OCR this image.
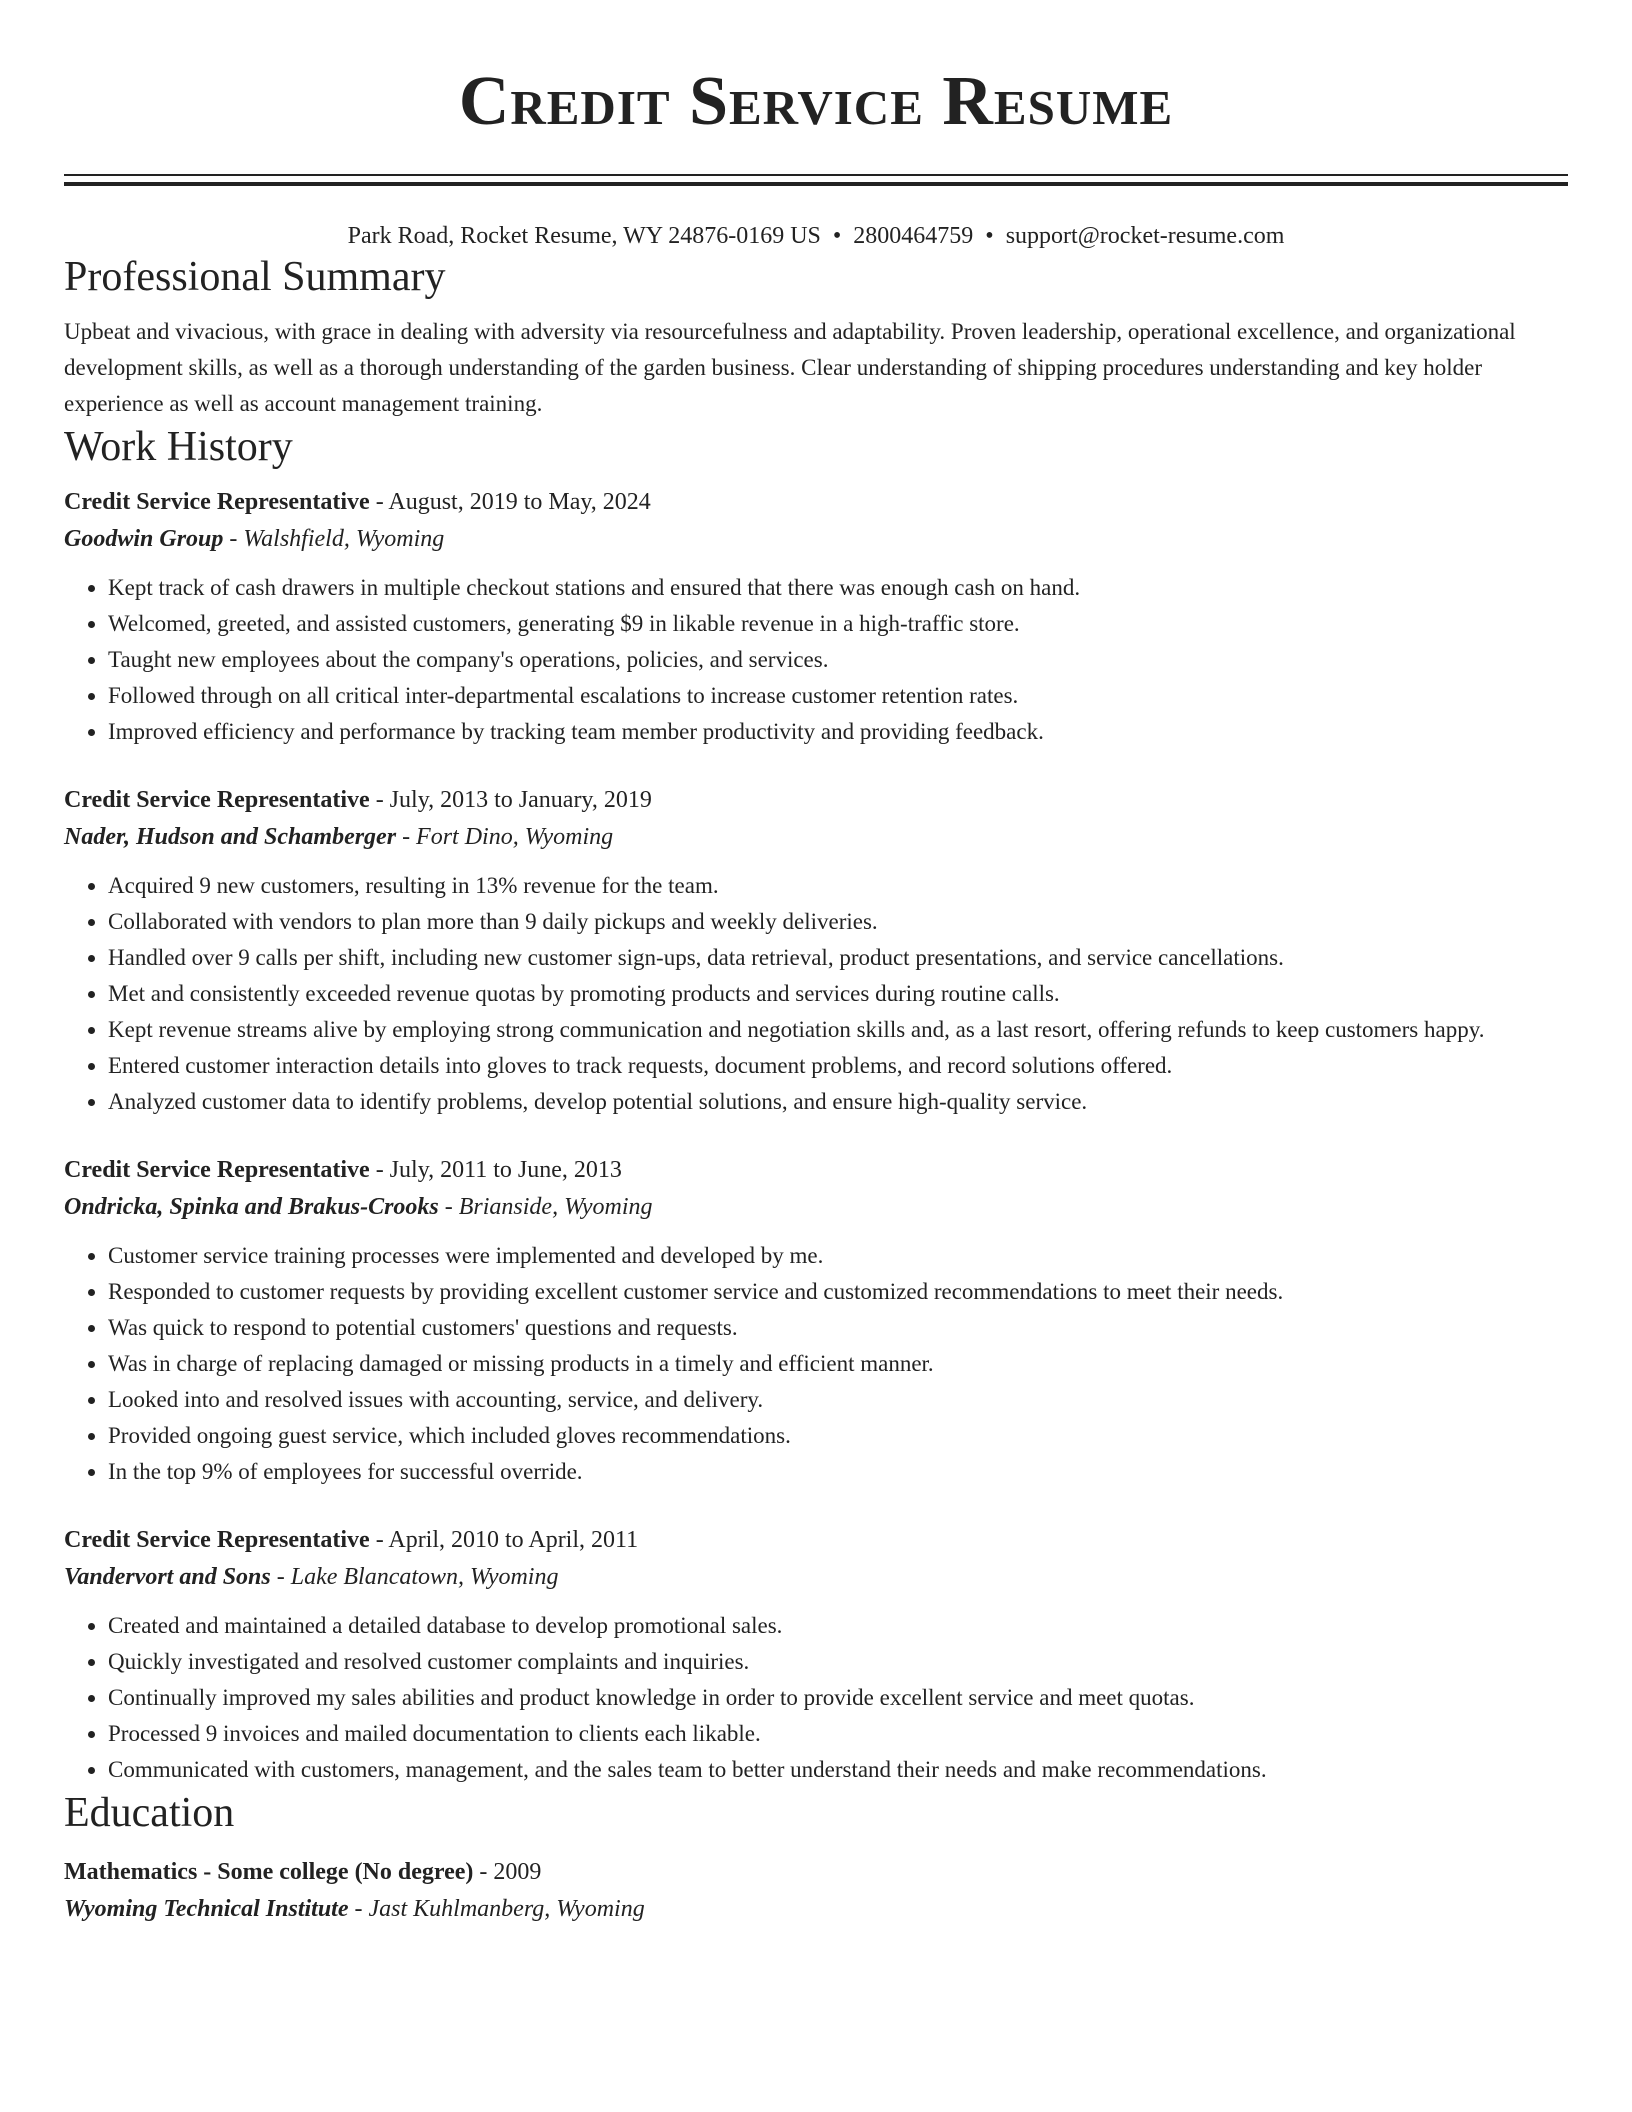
Credit Service Resume
Park Road, Rocket Resume, WY 24876-0169 US • 2800464759 • support@rocket-resume.com
Professional Summary
Upbeat and vivacious, with grace in dealing with adversity via resourcefulness and adaptability. Proven leadership, operational excellence, and organizational development skills, as well as a thorough understanding of the garden business. Clear understanding of shipping procedures understanding and key holder experience as well as account management training.
Work History
Credit Service Representative - August, 2019 to May, 2024
Goodwin Group - Walshfield, Wyoming
• Kept track of cash drawers in multiple checkout stations and ensured that there was enough cash on hand.
• Welcomed, greeted, and assisted customers, generating $9 in likable revenue in a high-traffic store.
• Taught new employees about the company's operations, policies, and services.
• Followed through on all critical inter-departmental escalations to increase customer retention rates.
• Improved efficiency and performance by tracking team member productivity and providing feedback.
Credit Service Representative - July, 2013 to January, 2019
Nader, Hudson and Schamberger - Fort Dino, Wyoming
• Acquired 9 new customers, resulting in 13% revenue for the team.
• Collaborated with vendors to plan more than 9 daily pickups and weekly deliveries.
• Handled over 9 calls per shift, including new customer sign-ups, data retrieval, product presentations, and service cancellations.
• Met and consistently exceeded revenue quotas by promoting products and services during routine calls.
• Kept revenue streams alive by employing strong communication and negotiation skills and, as a last resort, offering refunds to keep customers happy.
• Entered customer interaction details into gloves to track requests, document problems, and record solutions offered.
• Analyzed customer data to identify problems, develop potential solutions, and ensure high-quality service.
Credit Service Representative - July, 2011 to June, 2013
Ondricka, Spinka and Brakus-Crooks - Brianside, Wyoming
• Customer service training processes were implemented and developed by me.
• Responded to customer requests by providing excellent customer service and customized recommendations to meet their needs.
• Was quick to respond to potential customers' questions and requests.
• Was in charge of replacing damaged or missing products in a timely and efficient manner.
• Looked into and resolved issues with accounting, service, and delivery.
• Provided ongoing guest service, which included gloves recommendations.
• In the top 9% of employees for successful override.
Credit Service Representative - April, 2010 to April, 2011
Vandervort and Sons - Lake Blancatown, Wyoming
• Created and maintained a detailed database to develop promotional sales.
• Quickly investigated and resolved customer complaints and inquiries.
• Continually improved my sales abilities and product knowledge in order to provide excellent service and meet quotas.
• Processed 9 invoices and mailed documentation to clients each likable.
• Communicated with customers, management, and the sales team to better understand their needs and make recommendations.
Education
Mathematics - Some college (No degree) - 2009
Wyoming Technical Institute - Jast Kuhlmanberg, Wyoming
